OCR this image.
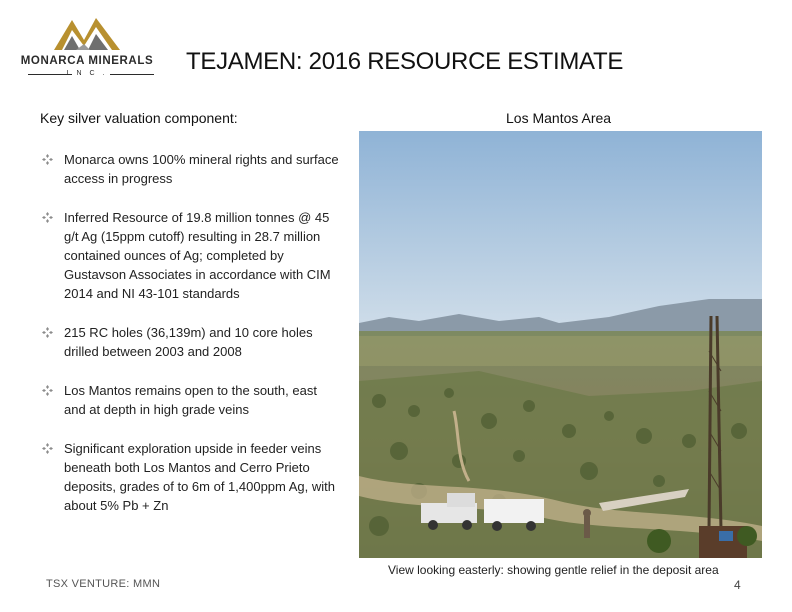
MONARCA MINERALS
I N C .	TEJAMEN: 2016 RESOURCE ESTIMATE
Key silver valuation component:	Los Mantos Area
Monarca owns 100% mineral rights and surface access in progress
Inferred Resource of 19.8 million tonnes @ 45 g/t Ag (15ppm cutoff) resulting in 28.7 million contained ounces of Ag; completed by Gustavson Associates in accordance with CIM 2014 and NI 43-101 standards
215 RC holes (36,139m) and 10 core holes drilled between 2003 and 2008
Los Mantos remains open to the south, east and at depth in high grade veins
Significant exploration upside in feeder veins beneath both Los Mantos and Cerro Prieto deposits, grades of to 6m of 1,400ppm Ag, with about 5% Pb + Zn
View looking easterly: showing gentle relief in the deposit area
TSX VENTURE: MMN	4
